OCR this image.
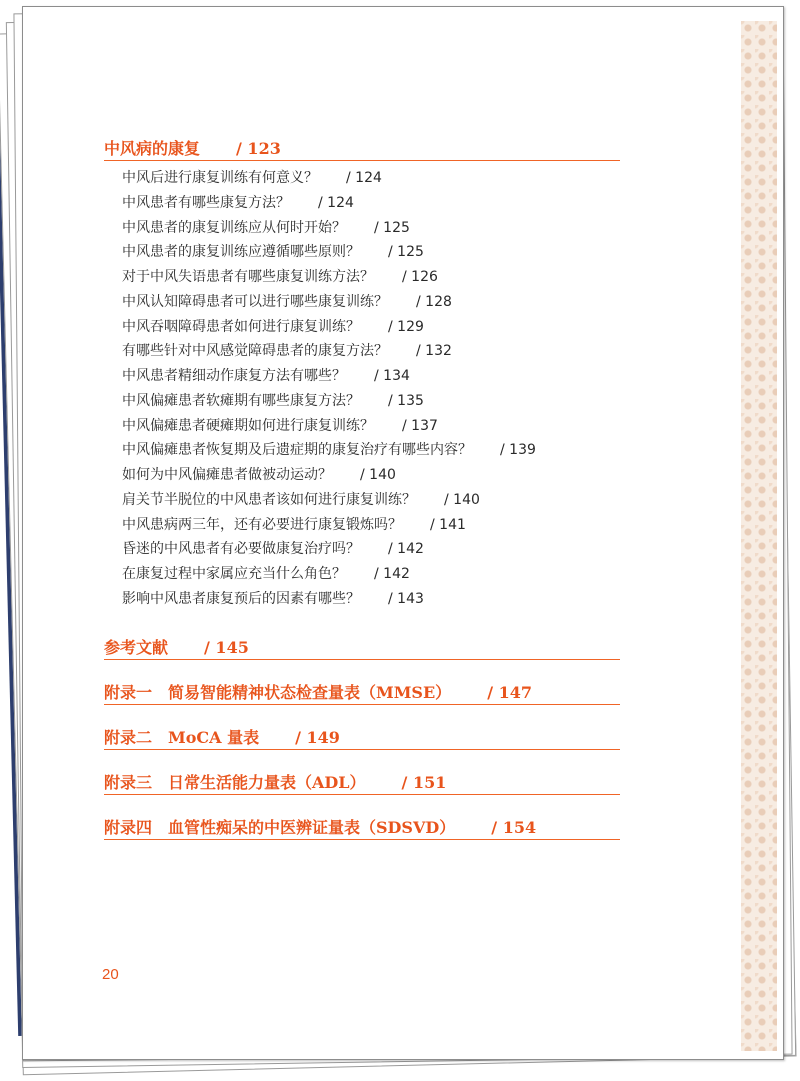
中风病的康复 / 123
中风后进行康复训练有何意义？ / 124
中风患者有哪些康复方法？ / 124
中风患者的康复训练应从何时开始？ / 125
中风患者的康复训练应遵循哪些原则？ / 125
对于中风失语患者有哪些康复训练方法？ / 126
中风认知障碍患者可以进行哪些康复训练？ / 128
中风吞咽障碍患者如何进行康复训练？ / 129
有哪些针对中风感觉障碍患者的康复方法？ / 132
中风患者精细动作康复方法有哪些？ / 134
中风偏瘫患者软瘫期有哪些康复方法？ / 135
中风偏瘫患者硬瘫期如何进行康复训练？ / 137
中风偏瘫患者恢复期及后遗症期的康复治疗有哪些内容？ / 139
如何为中风偏瘫患者做被动运动？ / 140
肩关节半脱位的中风患者该如何进行康复训练？ / 140
中风患病两三年，还有必要进行康复锻炼吗？ / 141
昏迷的中风患者有必要做康复治疗吗？ / 142
在康复过程中家属应充当什么角色？ / 142
影响中风患者康复预后的因素有哪些？ / 143
参考文献 / 145
附录一　简易智能精神状态检查量表（MMSE） / 147
附录二　MoCA 量表 / 149
附录三　日常生活能力量表（ADL） / 151
附录四　血管性痴呆的中医辨证量表（SDSVD） / 154
20
